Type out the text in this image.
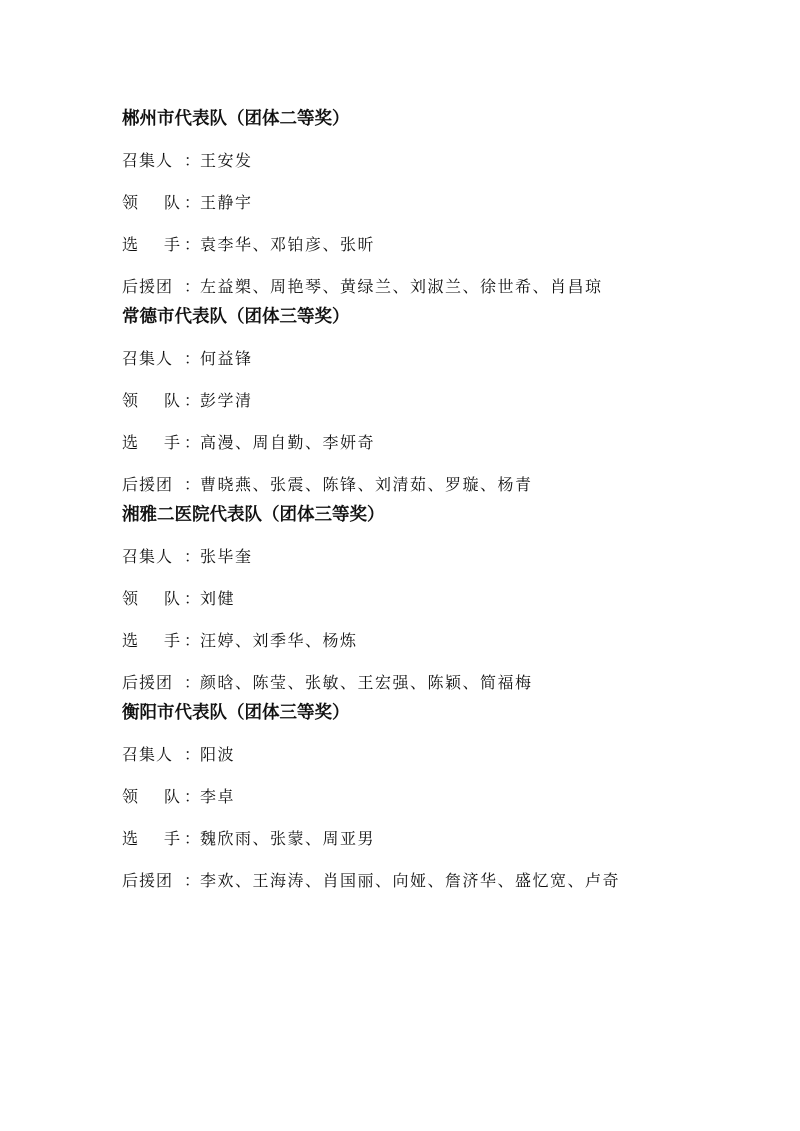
郴州市代表队（团体二等奖）
召集人 ： 王安发
领 队 ： 王静宇
选 手 ： 袁李华、邓铂彦、张昕
后援团 ： 左益槊、周艳琴、黄绿兰、刘淑兰、徐世希、肖昌琼
常德市代表队（团体三等奖）
召集人 ： 何益锋
领 队 ： 彭学清
选 手 ： 高漫、周自勤、李妍奇
后援团 ： 曹晓燕、张震、陈锋、刘清茹、罗璇、杨青
湘雅二医院代表队（团体三等奖）
召集人 ： 张毕奎
领 队 ： 刘健
选 手 ： 汪婷、刘季华、杨炼
后援团 ： 颜晗、陈莹、张敏、王宏强、陈颖、简福梅
衡阳市代表队（团体三等奖）
召集人 ： 阳波
领 队 ： 李卓
选 手 ： 魏欣雨、张蒙、周亚男
后援团 ： 李欢、王海涛、肖国丽、向娅、詹济华、盛忆宽、卢奇
